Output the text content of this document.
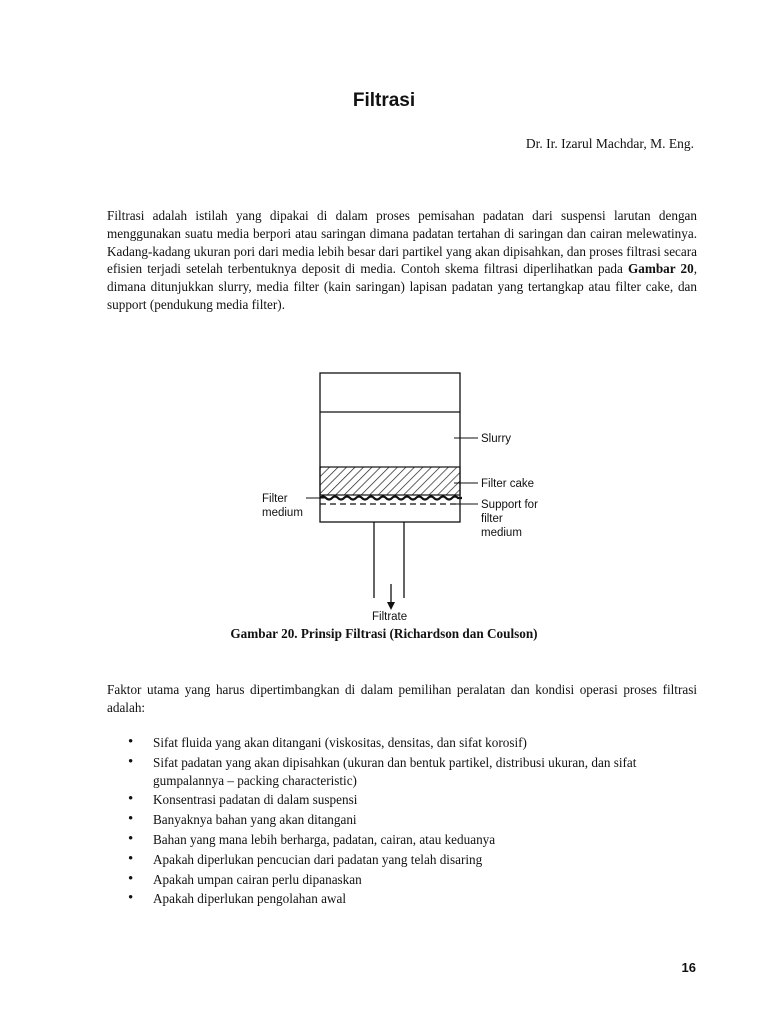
Filtrasi
Dr. Ir. Izarul Machdar, M. Eng.

Filtrasi adalah istilah yang dipakai di dalam proses pemisahan padatan dari suspensi larutan dengan menggunakan suatu media berpori atau saringan dimana padatan tertahan di saringan dan cairan melewatinya. Kadang-kadang ukuran pori dari media lebih besar dari partikel yang akan dipisahkan, dan proses filtrasi secara efisien terjadi setelah terbentuknya deposit di media. Contoh skema filtrasi diperlihatkan pada Gambar 20, dimana ditunjukkan slurry, media filter (kain saringan) lapisan padatan yang tertangkap atau filter cake, dan support (pendukung media filter).

Slurry
Filter cake
Support for
filter
medium
Filter
medium
Filtrate
Gambar 20. Prinsip Filtrasi (Richardson dan Coulson)

Faktor utama yang harus dipertimbangkan di dalam pemilihan peralatan dan kondisi operasi proses filtrasi adalah:

• Sifat fluida yang akan ditangani (viskositas, densitas, dan sifat korosif)
• Sifat padatan yang akan dipisahkan (ukuran dan bentuk partikel, distribusi ukuran, dan sifat gumpalannya – packing characteristic)
• Konsentrasi padatan di dalam suspensi
• Banyaknya bahan yang akan ditangani
• Bahan yang mana lebih berharga, padatan, cairan, atau keduanya
• Apakah diperlukan pencucian dari padatan yang telah disaring
• Apakah umpan cairan perlu dipanaskan
• Apakah diperlukan pengolahan awal
16
